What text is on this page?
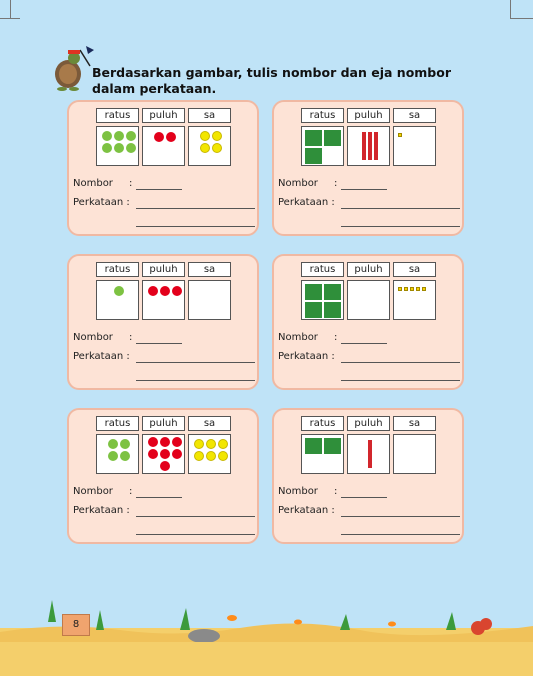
Berdasarkan gambar, tulis nombor dan eja nombor dalam perkataan.
ratus	puluh	sa
Nombor :
Perkataan :
ratus	puluh	sa
Nombor :
Perkataan :
ratus	puluh	sa
Nombor :
Perkataan :
ratus	puluh	sa
Nombor :
Perkataan :
ratus	puluh	sa
Nombor :
Perkataan :
ratus	puluh	sa
Nombor :
Perkataan :
8
